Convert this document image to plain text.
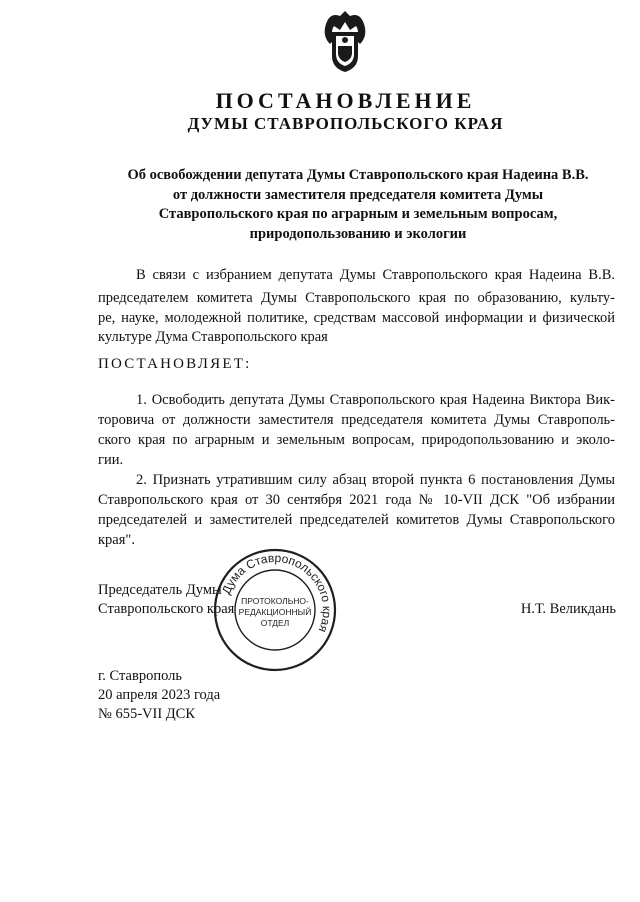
ПОСТАНОВЛЕНИЕ
ДУМЫ СТАВРОПОЛЬСКОГО КРАЯ
Об освобождении депутата Думы Ставропольского края Надеина В.В.
от должности заместителя председателя комитета Думы
Ставропольского края по аграрным и земельным вопросам,
природопользованию и экологии
В связи с избранием депутата Думы Ставропольского края Надеина В.В.
председателем комитета Думы Ставропольского края по образованию, культу-
ре, науке, молодежной политике, средствам массовой информации и физической
культуре Дума Ставропольского края
ПОСТАНОВЛЯЕТ:
1. Освободить депутата Думы Ставропольского края Надеина Виктора Вик-
торовича от должности заместителя председателя комитета Думы Ставрополь-
ского края по аграрным и земельным вопросам, природопользованию и эколо-
гии.
2. Признать утратившим силу абзац второй пункта 6 постановления Думы
Ставропольского края от 30 сентября 2021 года № 10-VII ДСК "Об избрании
председателей и заместителей председателей комитетов Думы Ставропольского
края".
Председатель Думы
Ставропольского края	Н.Т. Великдань
Дума Ставропольского края
ПРОТОКОЛЬНО-
РЕДАКЦИОННЫЙ
ОТДЕЛ
г. Ставрополь
20 апреля 2023 года
№ 655-VII ДСК
